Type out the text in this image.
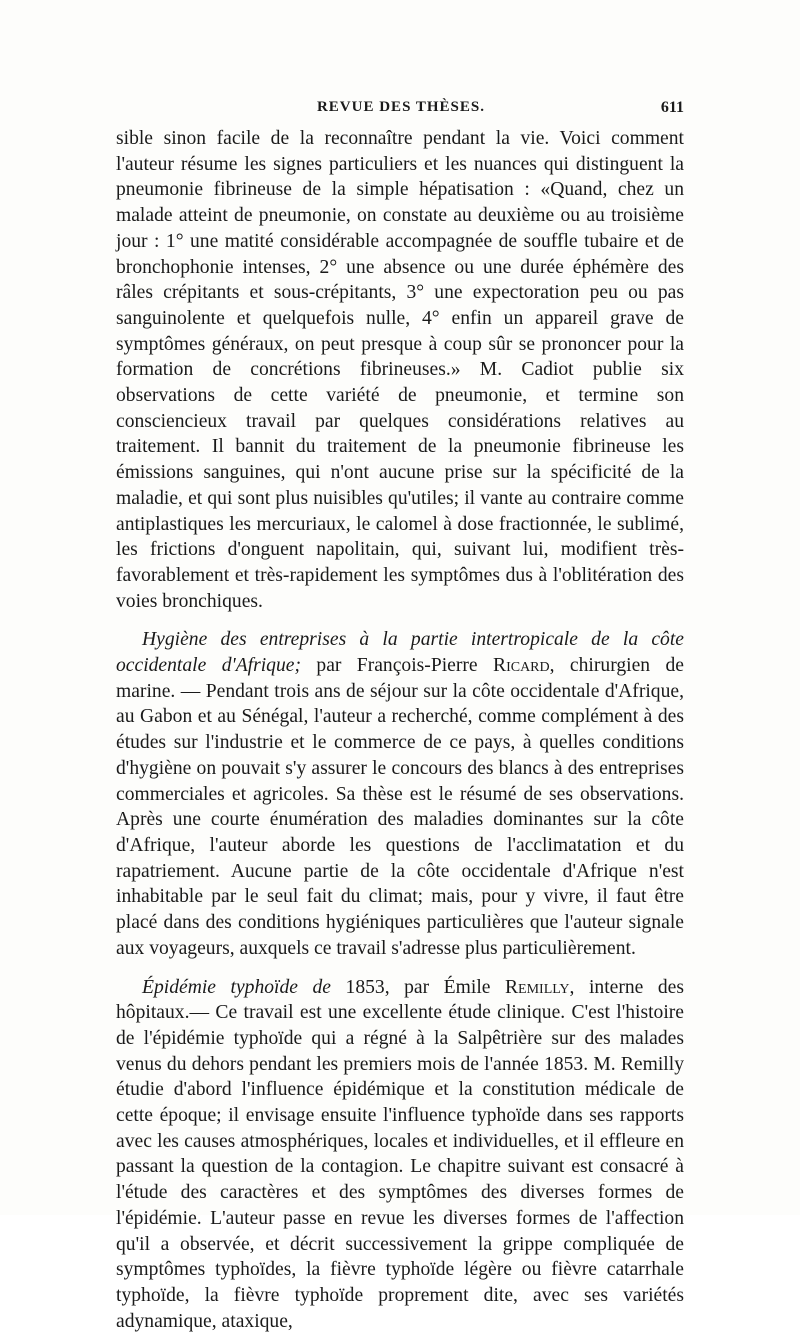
REVUE DES THÈSES.	611

sible sinon facile de la reconnaître pendant la vie. Voici comment l'auteur résume les signes particuliers et les nuances qui distinguent la pneumonie fibrineuse de la simple hépatisation : «Quand, chez un malade atteint de pneumonie, on constate au deuxième ou au troisième jour : 1° une matité considérable accompagnée de souffle tubaire et de bronchophonie intenses, 2° une absence ou une durée éphémère des râles crépitants et sous-crépitants, 3° une expectoration peu ou pas sanguinolente et quelquefois nulle, 4° enfin un appareil grave de symptômes généraux, on peut presque à coup sûr se prononcer pour la formation de concrétions fibrineuses.» M. Cadiot publie six observations de cette variété de pneumonie, et termine son consciencieux travail par quelques considérations relatives au traitement. Il bannit du traitement de la pneumonie fibrineuse les émissions sanguines, qui n'ont aucune prise sur la spécificité de la maladie, et qui sont plus nuisibles qu'utiles; il vante au contraire comme antiplastiques les mercuriaux, le calomel à dose fractionnée, le sublimé, les frictions d'onguent napolitain, qui, suivant lui, modifient très-favorablement et très-rapidement les symptômes dus à l'oblitération des voies bronchiques.

Hygiène des entreprises à la partie intertropicale de la côte occidentale d'Afrique; par François-Pierre Ricard, chirurgien de marine. — Pendant trois ans de séjour sur la côte occidentale d'Afrique, au Gabon et au Sénégal, l'auteur a recherché, comme complément à des études sur l'industrie et le commerce de ce pays, à quelles conditions d'hygiène on pouvait s'y assurer le concours des blancs à des entreprises commerciales et agricoles. Sa thèse est le résumé de ses observations. Après une courte énumération des maladies dominantes sur la côte d'Afrique, l'auteur aborde les questions de l'acclimatation et du rapatriement. Aucune partie de la côte occidentale d'Afrique n'est inhabitable par le seul fait du climat; mais, pour y vivre, il faut être placé dans des conditions hygiéniques particulières que l'auteur signale aux voyageurs, auxquels ce travail s'adresse plus particulièrement.

Épidémie typhoïde de 1853, par Émile Remilly, interne des hôpitaux.— Ce travail est une excellente étude clinique. C'est l'histoire de l'épidémie typhoïde qui a régné à la Salpêtrière sur des malades venus du dehors pendant les premiers mois de l'année 1853. M. Remilly étudie d'abord l'influence épidémique et la constitution médicale de cette époque; il envisage ensuite l'influence typhoïde dans ses rapports avec les causes atmosphériques, locales et individuelles, et il effleure en passant la question de la contagion. Le chapitre suivant est consacré à l'étude des caractères et des symptômes des diverses formes de l'épidémie. L'auteur passe en revue les diverses formes de l'affection qu'il a observée, et décrit successivement la grippe compliquée de symptômes typhoïdes, la fièvre typhoïde légère ou fièvre catarrhale typhoïde, la fièvre typhoïde proprement dite, avec ses variétés adynamique, ataxique,
